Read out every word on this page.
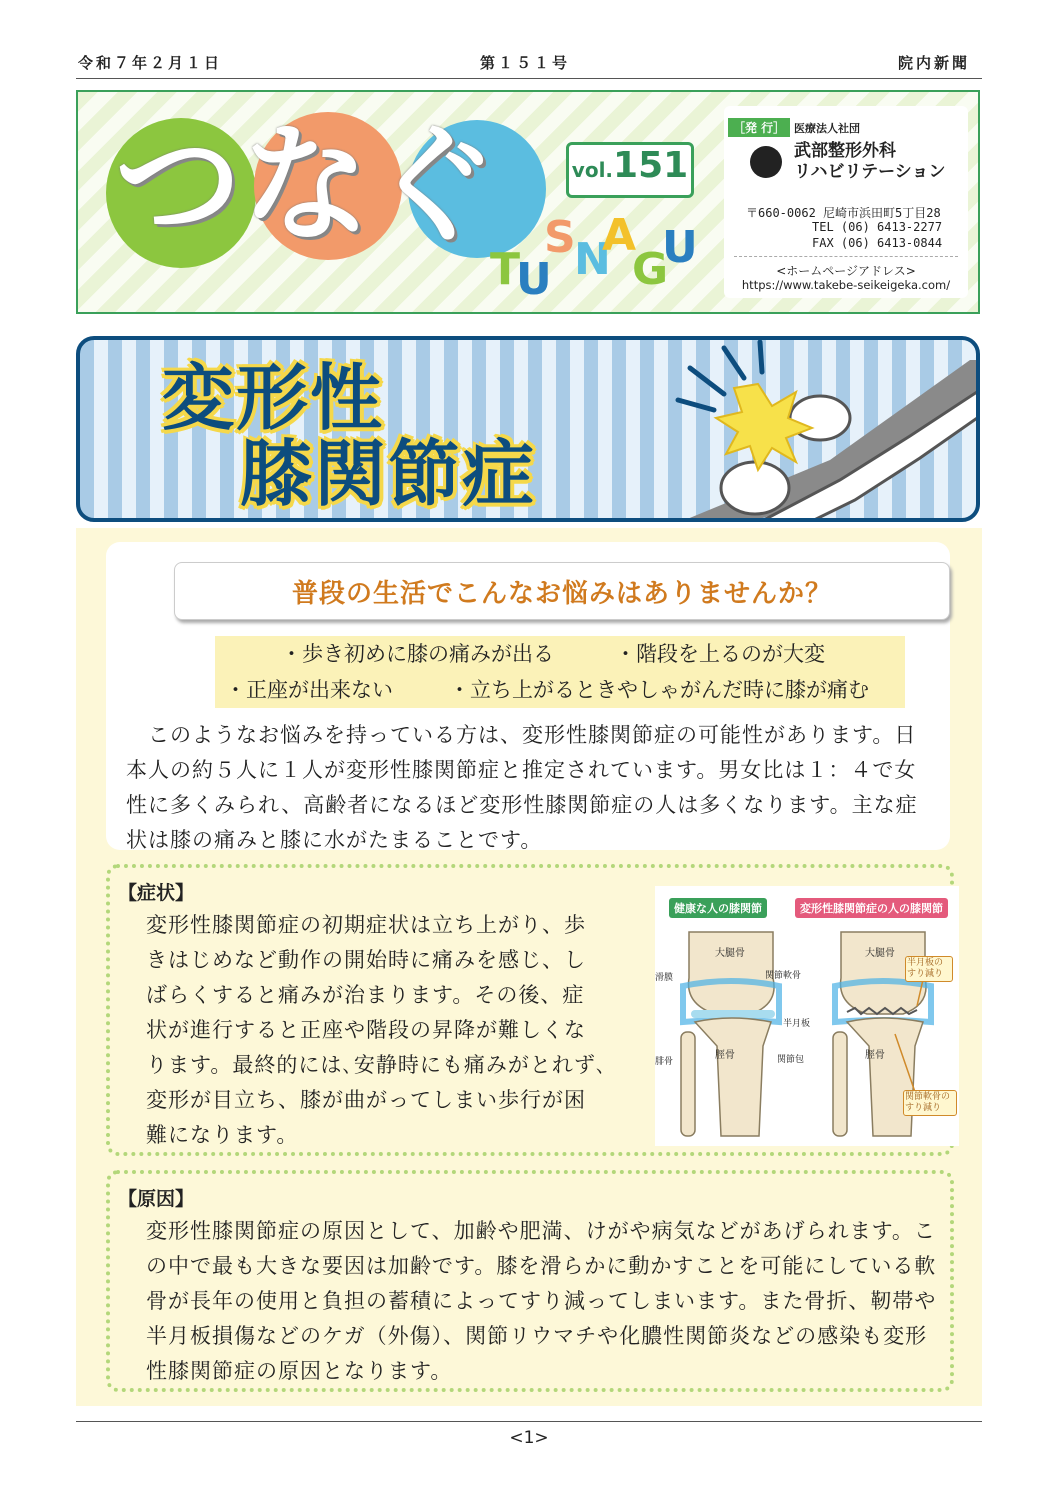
令和７年２月１日	第１５１号	院内新聞
つなぐ	vol. 151
T
U
S
N
A
G
U
［発 行］ 医療法人社団
武部整形外科
リハビリテーション
〒660-0062 尼崎市浜田町5丁目28
TEL (06) 6413-2277
FAX (06) 6413-0844
<ホームページアドレス>
https://www.takebe-seikeigeka.com/
変形性
膝関節症
普段の生活でこんなお悩みはありませんか？
・歩き初めに膝の痛みが出る	・階段を上るのが大変
・正座が出来ない	・立ち上がるときやしゃがんだ時に膝が痛む
　このようなお悩みを持っている方は、変形性膝関節症の可能性があります。日
本人の約５人に１人が変形性膝関節症と推定されています。男女比は１：４で女
性に多くみられ、高齢者になるほど変形性膝関節症の人は多くなります。主な症
状は膝の痛みと膝に水がたまることです。
【症状】
変形性膝関節症の初期症状は立ち上がり、歩
きはじめなど動作の開始時に痛みを感じ、し
ばらくすると痛みが治まります。その後、症
状が進行すると正座や階段の昇降が難しくな
ります。最終的には､安静時にも痛みがとれず､
変形が目立ち、膝が曲がってしまい歩行が困
難になります。
健康な人の膝関節	変形性膝関節症の人の膝関節
大腿骨	大腿骨
脛骨	脛骨
関節軟骨
半月板
関節包
滑膜
腓骨
半月板のすり減り
関節軟骨のすり減り
【原因】
変形性膝関節症の原因として、加齢や肥満、けがや病気などがあげられます。こ
の中で最も大きな要因は加齢です。膝を滑らかに動かすことを可能にしている軟
骨が長年の使用と負担の蓄積によってすり減ってしまいます。また骨折、靭帯や
半月板損傷などのケガ（外傷）、関節リウマチや化膿性関節炎などの感染も変形
性膝関節症の原因となります。
<1>
